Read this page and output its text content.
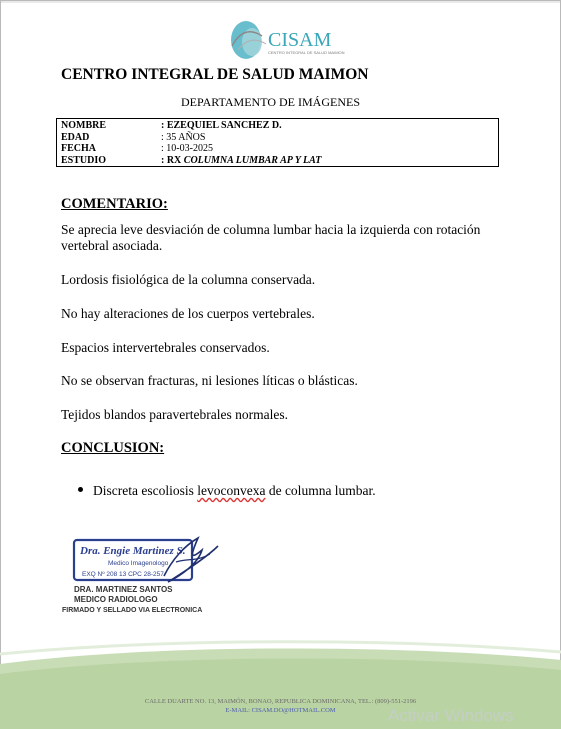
CISAM
CENTRO INTEGRAL DE SALUD MAIMON
CENTRO INTEGRAL DE SALUD MAIMON
DEPARTAMENTO DE IMÁGENES
NOMBRE	: EZEQUIEL SANCHEZ D.
EDAD	: 35 AÑOS
FECHA	: 10-03-2025
ESTUDIO	: RX COLUMNA LUMBAR AP Y LAT
COMENTARIO:
Se aprecia leve desviación de columna lumbar hacia la izquierda con rotación vertebral asociada.
Lordosis fisiológica de la columna conservada.
No hay alteraciones de los cuerpos vertebrales.
Espacios intervertebrales conservados.
No se observan fracturas, ni lesiones líticas o blásticas.
Tejidos blandos paravertebrales normales.
CONCLUSION:
Discreta escoliosis levoconvexa de columna lumbar.
Dra. Engie Martinez S.
Medico Imagenologo
EXQ Nº 208 13 CPC 28-257
DRA. MARTINEZ SANTOS
MEDICO RADIOLOGO
FIRMADO Y SELLADO VIA ELECTRONICA
CALLE DUARTE NO. 13, MAIMÓN, BONAO, REPUBLICA DOMINICANA, TEL.: (809)-551-2196
E-MAIL: CISAM.DO@HOTMAIL.COM	Activar Windows
